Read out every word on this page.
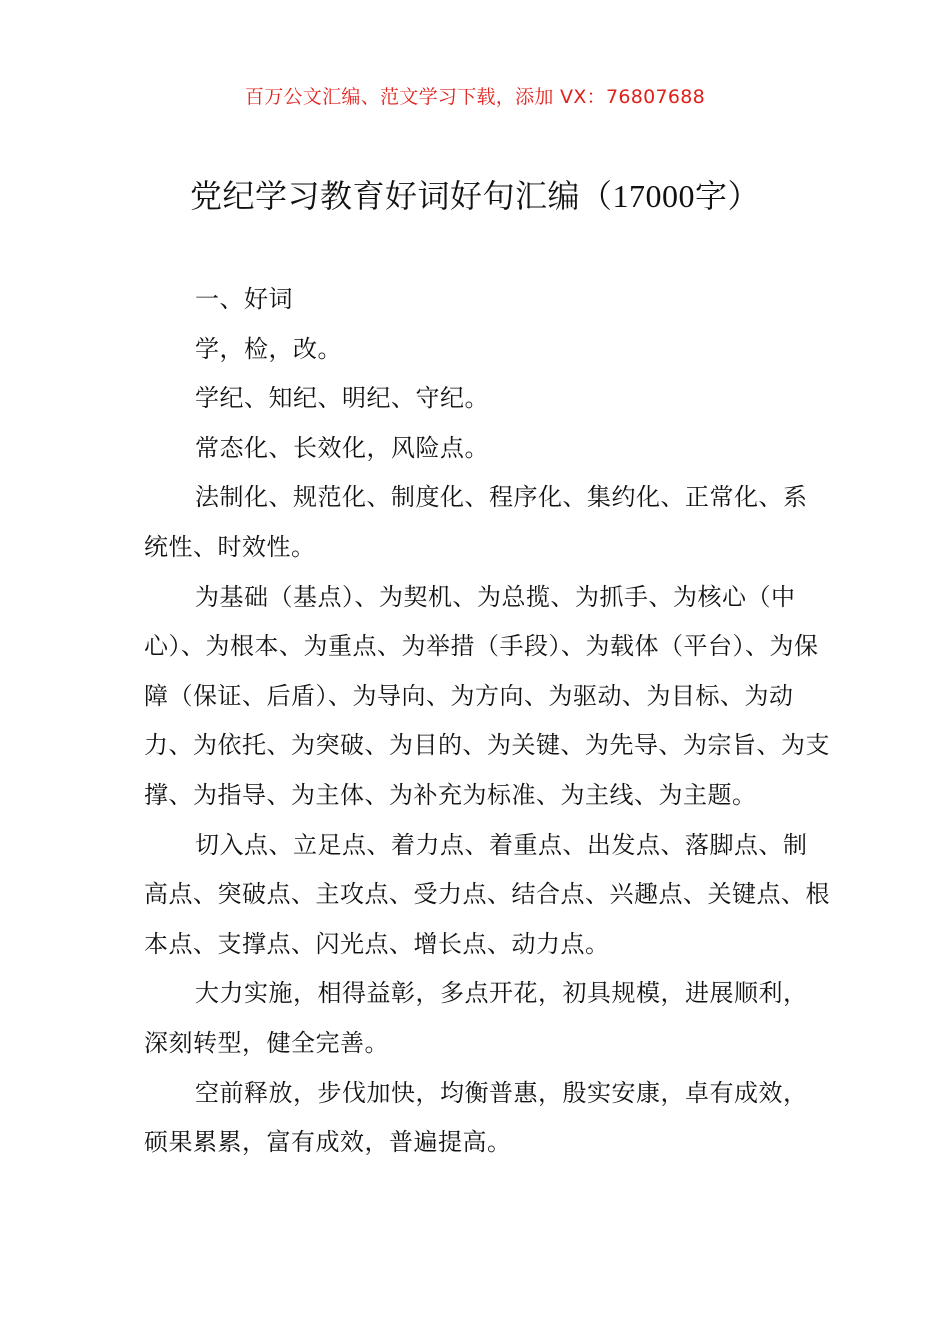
百万公文汇编、范文学习下载，添加 VX：76807688
党纪学习教育好词好句汇编（17000字）

一、好词

学，检，改。

学纪、知纪、明纪、守纪。

常态化、长效化，风险点。

法制化、规范化、制度化、程序化、集约化、正常化、系统性、时效性。

为基础（基点）、为契机、为总揽、为抓手、为核心（中心）、为根本、为重点、为举措（手段）、为载体（平台）、为保障（保证、后盾）、为导向、为方向、为驱动、为目标、为动力、为依托、为突破、为目的、为关键、为先导、为宗旨、为支撑、为指导、为主体、为补充为标准、为主线、为主题。

切入点、立足点、着力点、着重点、出发点、落脚点、制高点、突破点、主攻点、受力点、结合点、兴趣点、关键点、根本点、支撑点、闪光点、增长点、动力点。

大力实施，相得益彰，多点开花，初具规模，进展顺利，深刻转型，健全完善。

空前释放，步伐加快，均衡普惠，殷实安康，卓有成效，硕果累累，富有成效，普遍提高。
